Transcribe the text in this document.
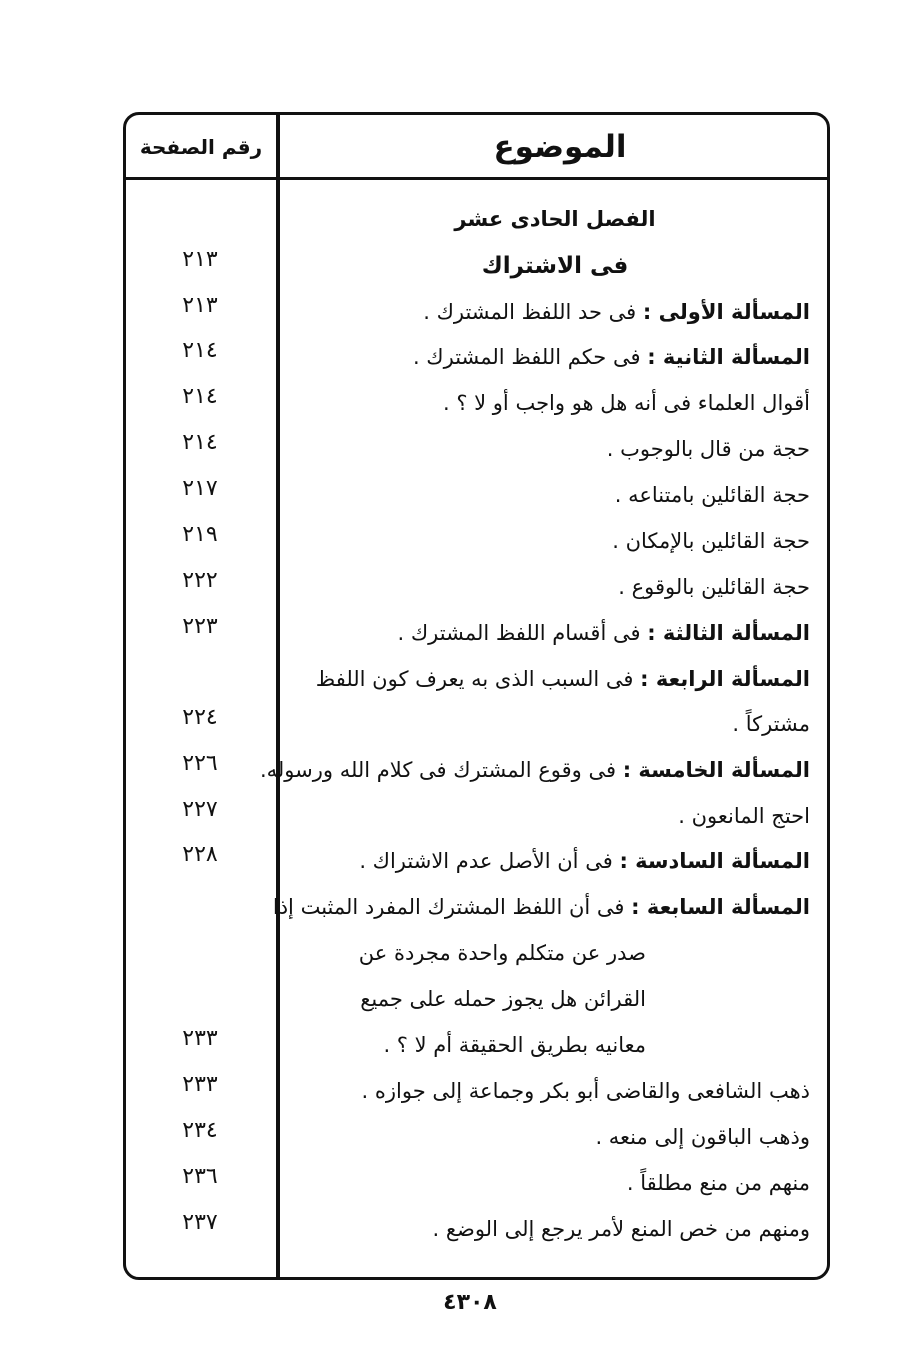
الموضوع
رقم الصفحة
الفصل الحادى عشر
فى الاشتراك
٢١٣
المسألة الأولى : فى حد اللفظ المشترك .
٢١٣
المسألة الثانية : فى حكم اللفظ المشترك .
٢١٤
أقوال العلماء فى أنه هل هو واجب أو لا ؟ .
٢١٤
حجة من قال بالوجوب .
٢١٤
حجة القائلين بامتناعه .
٢١٧
حجة القائلين بالإمكان .
٢١٩
حجة القائلين بالوقوع .
٢٢٢
المسألة الثالثة : فى أقسام اللفظ المشترك .
٢٢٣
المسألة الرابعة : فى السبب الذى به يعرف كون اللفظ
مشتركاً .
٢٢٤
المسألة الخامسة : فى وقوع المشترك فى كلام الله ورسوله.
٢٢٦
احتج المانعون .
٢٢٧
المسألة السادسة : فى أن الأصل عدم الاشتراك .
٢٢٨
المسألة السابعة : فى أن اللفظ المشترك المفرد المثبت إذا
صدر عن متكلم واحدة مجردة عن
القرائن هل يجوز حمله على جميع
معانيه بطريق الحقيقة أم لا ؟ .
٢٣٣
ذهب الشافعى والقاضى أبو بكر وجماعة إلى جوازه .
٢٣٣
وذهب الباقون إلى منعه .
٢٣٤
منهم من منع مطلقاً .
٢٣٦
ومنهم من خص المنع لأمر يرجع إلى الوضع .
٢٣٧
٤٣٠٨
